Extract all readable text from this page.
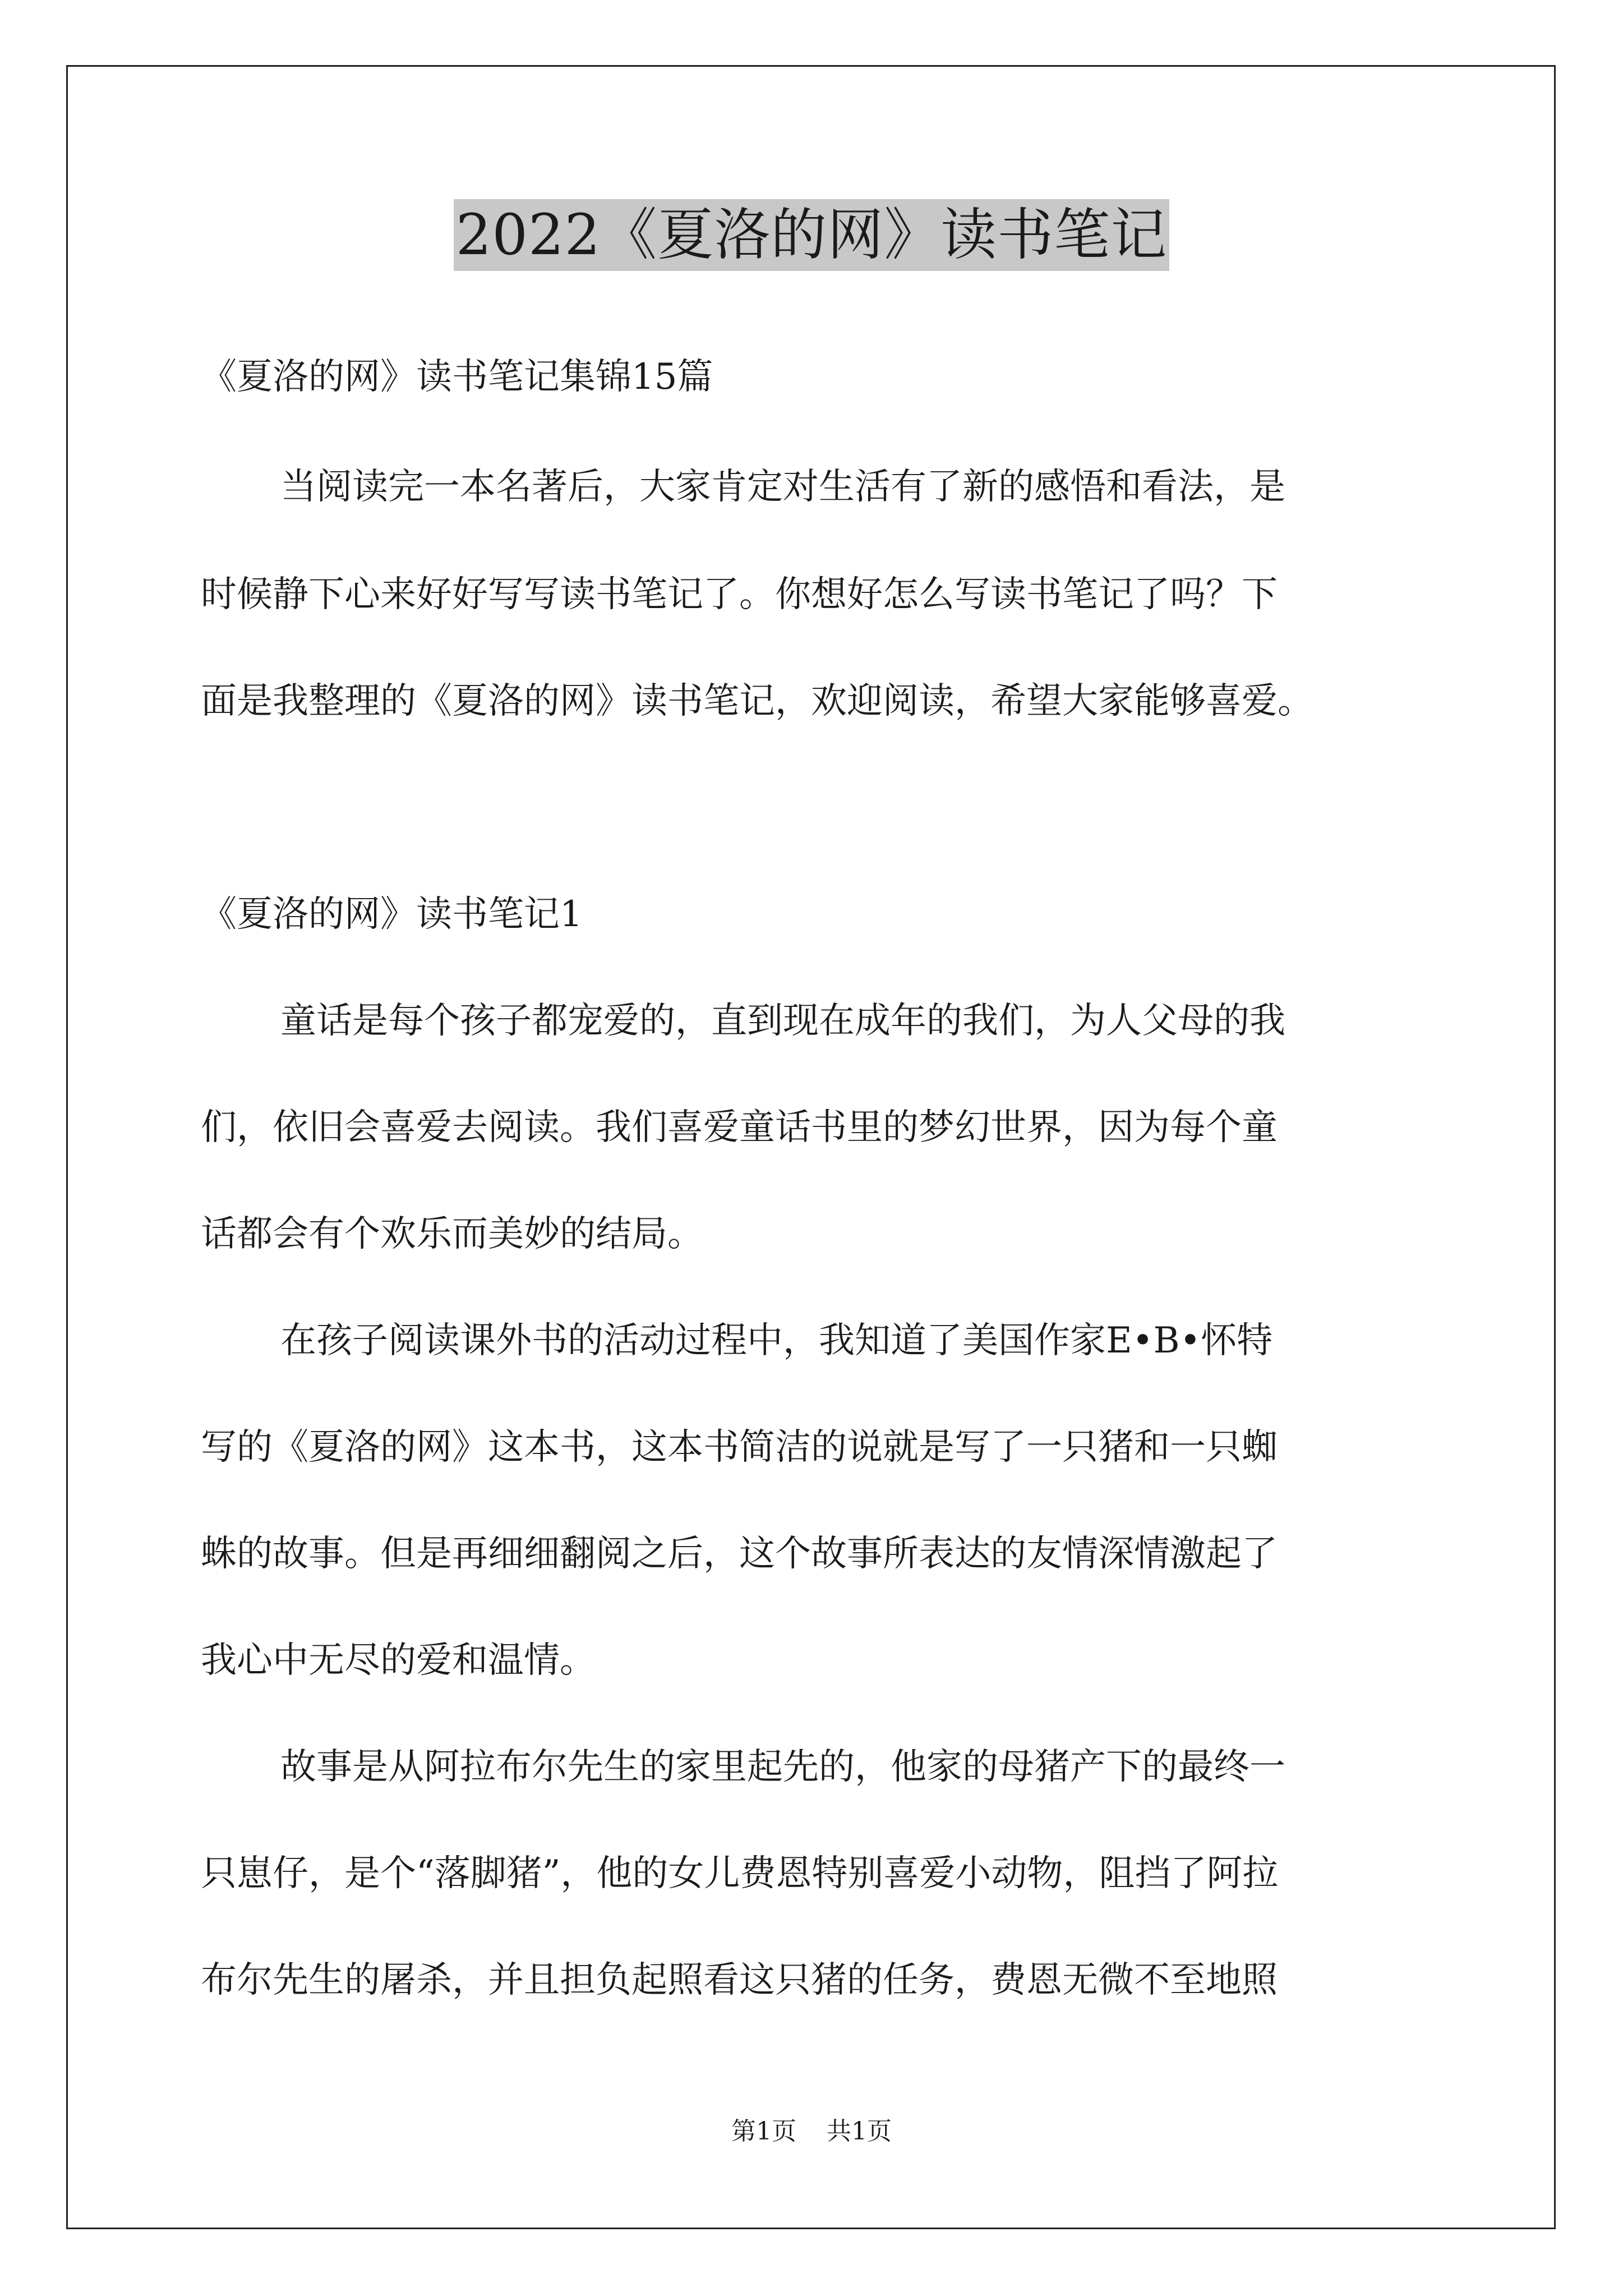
2022《夏洛的网》读书笔记
《夏洛的网》读书笔记集锦15篇
当阅读完一本名著后，大家肯定对生活有了新的感悟和看法，是
时候静下心来好好写写读书笔记了。你想好怎么写读书笔记了吗？下
面是我整理的《夏洛的网》读书笔记，欢迎阅读，希望大家能够喜爱。
《夏洛的网》读书笔记1
童话是每个孩子都宠爱的，直到现在成年的我们，为人父母的我
们，依旧会喜爱去阅读。我们喜爱童话书里的梦幻世界，因为每个童
话都会有个欢乐而美妙的结局。
在孩子阅读课外书的活动过程中，我知道了美国作家E•B•怀特
写的《夏洛的网》这本书，这本书简洁的说就是写了一只猪和一只蜘
蛛的故事。但是再细细翻阅之后，这个故事所表达的友情深情激起了
我心中无尽的爱和温情。
故事是从阿拉布尔先生的家里起先的，他家的母猪产下的最终一
只崽仔，是个“落脚猪”，他的女儿费恩特别喜爱小动物，阻挡了阿拉
布尔先生的屠杀，并且担负起照看这只猪的任务，费恩无微不至地照
第1页 共1页
